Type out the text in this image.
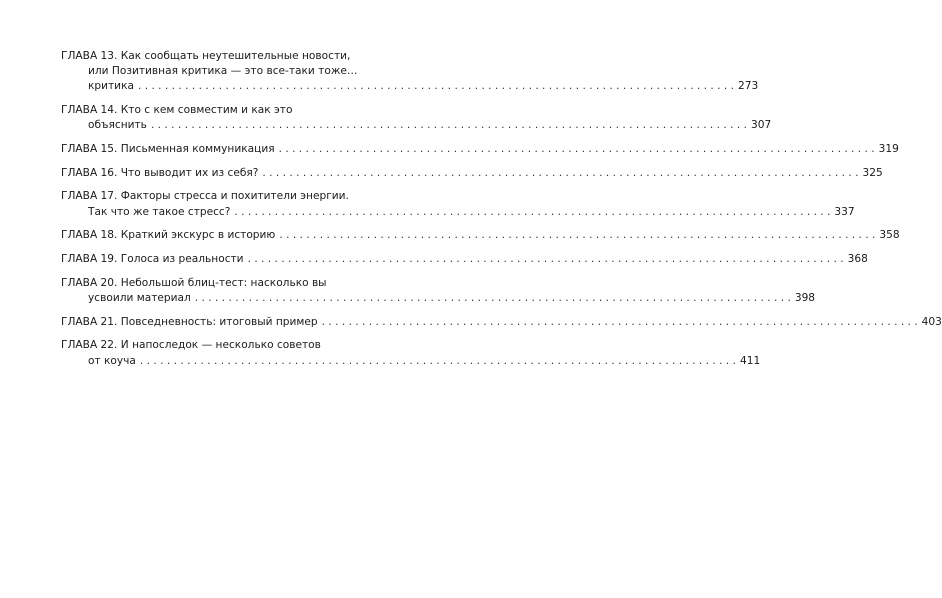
ГЛАВА 13. Как сообщать неутешительные новости,
или Позитивная критика — это все-таки тоже…
критика . . .	273
ГЛАВА 14. Кто с кем совместим и как это
объяснить . . .	307
ГЛАВА 15. Письменная коммуникация . . .	319
ГЛАВА 16. Что выводит их из себя? . . .	325
ГЛАВА 17. Факторы стресса и похитители энергии.
Так что же такое стресс? . . .	337
ГЛАВА 18. Краткий экскурс в историю . . .	358
ГЛАВА 19. Голоса из реальности . . .	368
ГЛАВА 20. Небольшой блиц-тест: насколько вы
усвоили материал . . .	398
ГЛАВА 21. Повседневность: итоговый пример . . .	403
ГЛАВА 22. И напоследок — несколько советов
от коуча . . .	411
